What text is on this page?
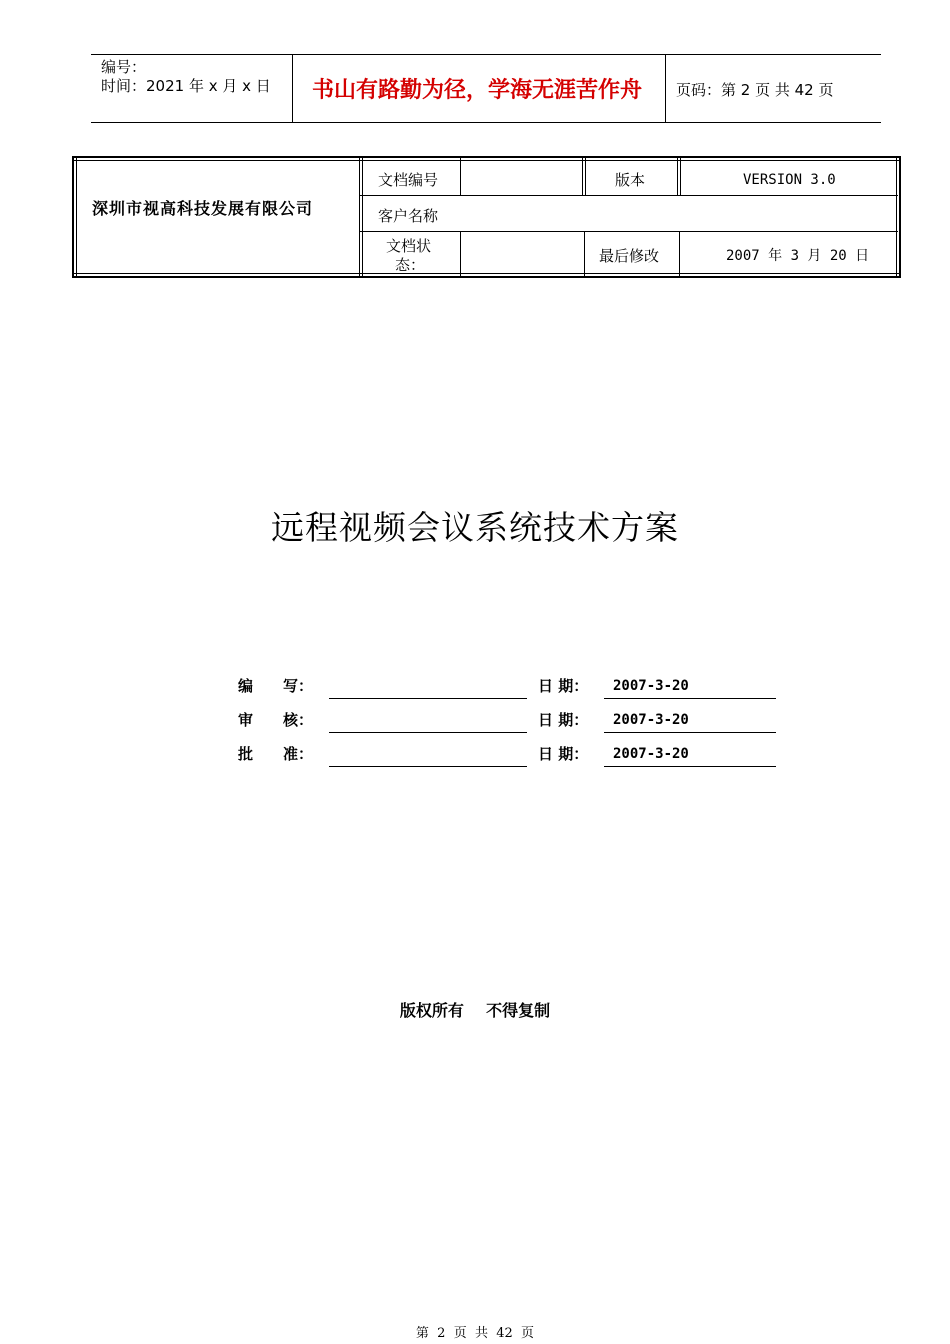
编号：
时间：2021 年 x 月 x 日 书山有路勤为径，学海无涯苦作舟 页码：第 2 页 共 42 页
深圳市视高科技发展有限公司
文档编号	版本	VERSION 3.0
客户名称
文档状
态：	最后修改	2007 年 3 月 20 日
远程视频会议系统技术方案
编　　写：	日 期： 2007-3-20
审　　核：	日 期： 2007-3-20
批　　准：	日 期： 2007-3-20
版权所有    不得复制
第  2  页  共  42  页
